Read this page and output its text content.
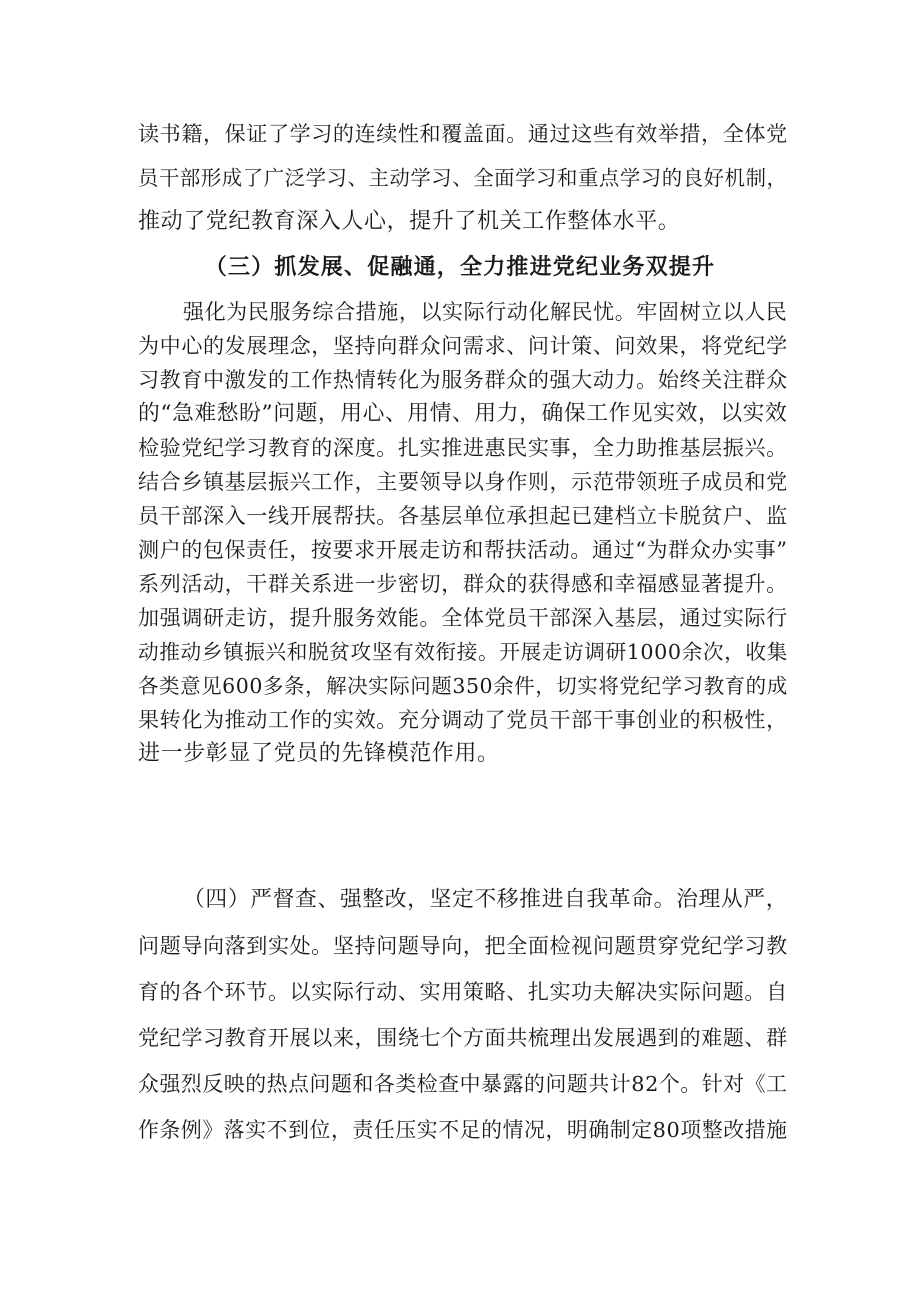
读书籍，保证了学习的连续性和覆盖面。通过这些有效举措，全体党
员干部形成了广泛学习、主动学习、全面学习和重点学习的良好机制，
推动了党纪教育深入人心，提升了机关工作整体水平。
（三）抓发展、促融通，全力推进党纪业务双提升
强化为民服务综合措施，以实际行动化解民忧。牢固树立以人民
为中心的发展理念，坚持向群众问需求、问计策、问效果，将党纪学
习教育中激发的工作热情转化为服务群众的强大动力。始终关注群众
的“急难愁盼”问题，用心、用情、用力，确保工作见实效，以实效
检验党纪学习教育的深度。扎实推进惠民实事，全力助推基层振兴。
结合乡镇基层振兴工作，主要领导以身作则，示范带领班子成员和党
员干部深入一线开展帮扶。各基层单位承担起已建档立卡脱贫户、监
测户的包保责任，按要求开展走访和帮扶活动。通过“为群众办实事”
系列活动，干群关系进一步密切，群众的获得感和幸福感显著提升。
加强调研走访，提升服务效能。全体党员干部深入基层，通过实际行
动推动乡镇振兴和脱贫攻坚有效衔接。开展走访调研1000余次，收集
各类意见600多条，解决实际问题350余件，切实将党纪学习教育的成
果转化为推动工作的实效。充分调动了党员干部干事创业的积极性，
进一步彰显了党员的先锋模范作用。
（四）严督查、强整改，坚定不移推进自我革命。治理从严，
问题导向落到实处。坚持问题导向，把全面检视问题贯穿党纪学习教
育的各个环节。以实际行动、实用策略、扎实功夫解决实际问题。自
党纪学习教育开展以来，围绕七个方面共梳理出发展遇到的难题、群
众强烈反映的热点问题和各类检查中暴露的问题共计82个。针对《工
作条例》落实不到位，责任压实不足的情况，明确制定80项整改措施
